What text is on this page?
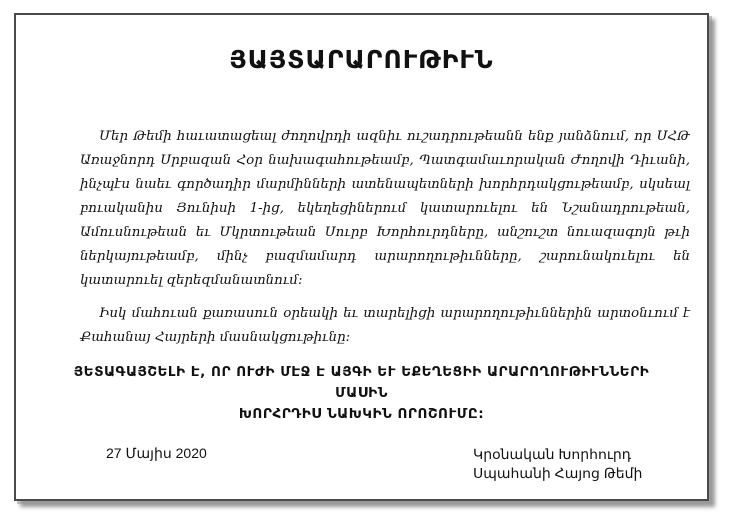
ՅԱՅՏԱՐԱՐՈՒԹԻՒՆ

Մեր Թեմի հաւատացեալ ժողովրդի ազնիւ ուշադրութեանն ենք յանձնում, որ ՍՀԹ Առաջնորդ Սրբազան Հօր նախագահութեամբ, Պատգամաւորական Ժողովի Դիւանի, ինչպէս նաեւ գործադիր մարմինների ատենապետների խորհրդակցութեամբ, սկսեալ բուականիս Յունիսի 1-ից, եկեղեցիներում կատարուելու են Նշանադրութեան, Ամուսնութեան եւ Մկրտութեան Սուրբ Խորհուրդները, անշուշտ նուազագոյն թւի ներկայութեամբ, մինչ բազմամարդ արարողութիւնները, շարունակուելու են կատարուել զերեզմանատնում:

Իսկ մահուան քառասուն օրեակի եւ տարելիցի արարողութիւններին արտօնւում է Քահանայ Հայրերի մասնակցութիւնը:

ՅԵՏԱԳԱՅՇԵԼԻ Է, ՈՐ ՈՒԺԻ ՄԷՋ Է ԱՅԳԻ ԵՒ ԵՔԵՂԵՑԻԻ ԱՐԱՐՈՂՈՒԹԻՒՆՆԵՐԻ ՄԱՍԻՆ
ԽՈՐՀՐԴԻՍ ՆԱԽԿԻՆ ՈՐՈՇՈՒՄԸ:
27 Մայիս 2020	Կրօնական Խորհուրդ
Սպահանի Հայոց Թեմի
